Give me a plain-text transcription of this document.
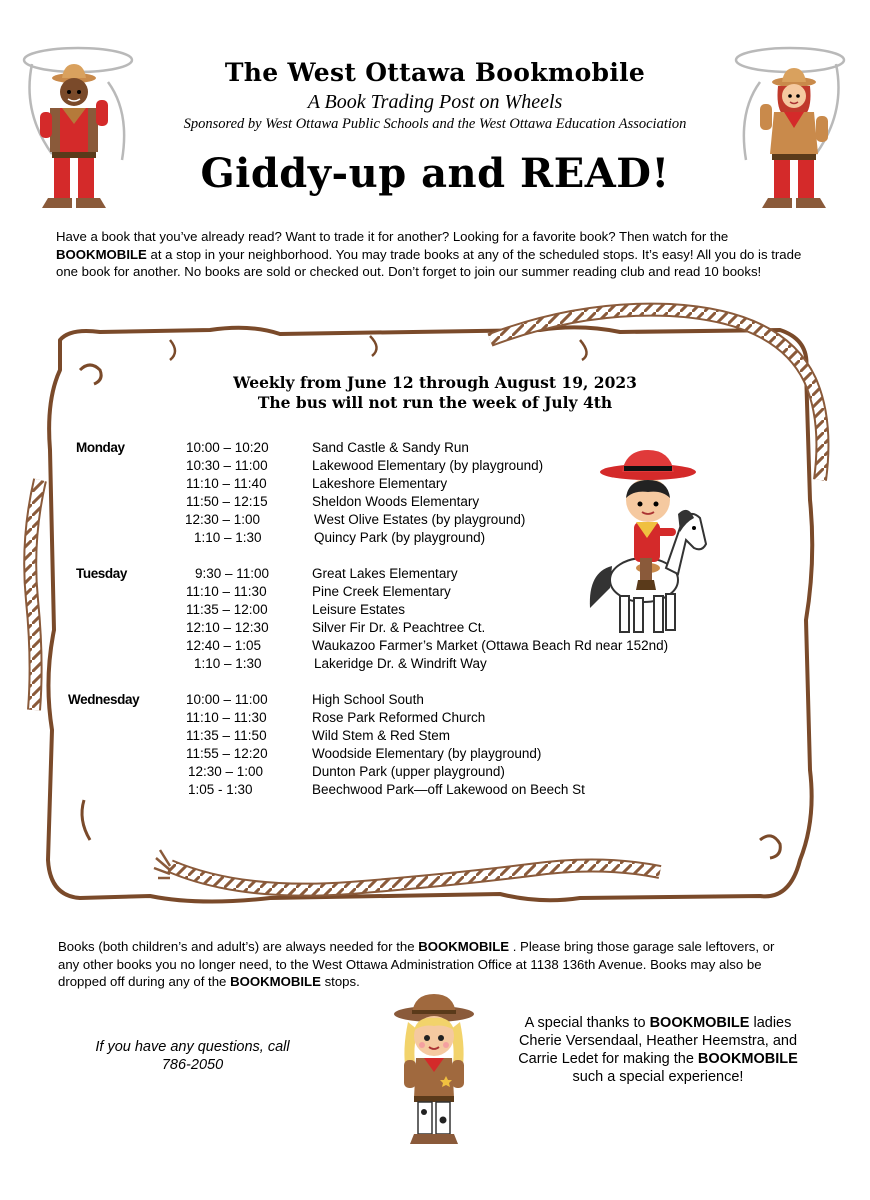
The West Ottawa Bookmobile
A Book Trading Post on Wheels
Sponsored by West Ottawa Public Schools and the West Ottawa Education Association
Giddy-up and READ!
Have a book that you’ve already read? Want to trade it for another? Looking for a favorite book? Then watch for the BOOKMOBILE at a stop in your neighborhood. You may trade books at any of the scheduled stops. It’s easy! All you do is trade one book for another. No books are sold or checked out. Don’t forget to join our summer reading club and read 10 books!
Weekly from June 12 through August 19, 2023
The bus will not run the week of July 4th
Monday	10:00 – 10:20	Sand Castle & Sandy Run
10:30 – 11:00	Lakewood Elementary (by playground)
11:10 – 11:40	Lakeshore Elementary
11:50 – 12:15	Sheldon Woods Elementary
12:30 – 1:00	West Olive Estates (by playground)
1:10 – 1:30	Quincy Park (by playground)
Tuesday	9:30 – 11:00	Great Lakes Elementary
11:10 – 11:30	Pine Creek Elementary
11:35 – 12:00	Leisure Estates
12:10 – 12:30	Silver Fir Dr. & Peachtree Ct.
12:40 – 1:05	Waukazoo Farmer’s Market (Ottawa Beach Rd near 152nd)
1:10 – 1:30	Lakeridge Dr. & Windrift Way
Wednesday	10:00 – 11:00	High School South
11:10 – 11:30	Rose Park Reformed Church
11:35 – 11:50	Wild Stem & Red Stem
11:55 – 12:20	Woodside Elementary (by playground)
12:30 – 1:00	Dunton Park (upper playground)
1:05 - 1:30	Beechwood Park—off Lakewood on Beech St
Books (both children’s and adult’s) are always needed for the BOOKMOBILE . Please bring those garage sale leftovers, or any other books you no longer need, to the West Ottawa Administration Office at 1138 136th Avenue. Books may also be dropped off during any of the BOOKMOBILE stops.
If you have any questions, call
786-2050
A special thanks to BOOKMOBILE ladies Cherie Versendaal, Heather Heemstra, and Carrie Ledet for making the BOOKMOBILE such a special experience!
